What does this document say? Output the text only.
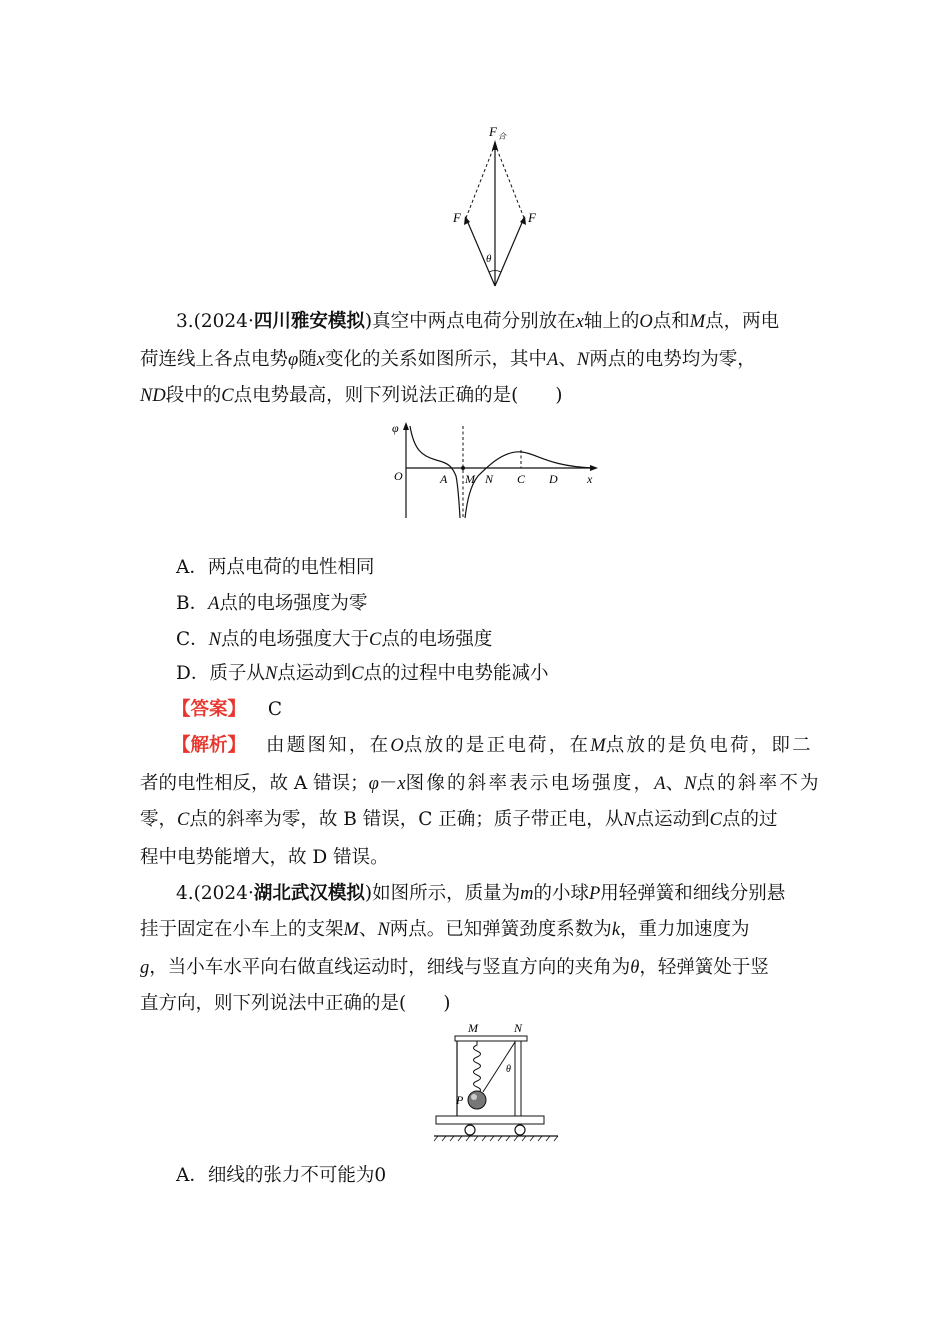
F 合
F	F
θ
3.(2024·四川雅安模拟)真空中两点电荷分别放在x轴上的O点和M点，两电
荷连线上各点电势φ随x变化的关系如图所示，其中A、N两点的电势均为零，
ND段中的C点电势最高，则下列说法正确的是(　　)
φ
O	A M N C D x
A．两点电荷的电性相同
B．A点的电场强度为零
C．N点的电场强度大于C点的电场强度
D．质子从N点运动到C点的过程中电势能减小
【答案】 C
【解析】 由题图知，在O点放的是正电荷，在M点放的是负电荷，即二
者的电性相反，故 A 错误；φ－x图像的斜率表示电场强度，A、N点的斜率不为
零，C点的斜率为零，故 B 错误，C 正确；质子带正电，从N点运动到C点的过
程中电势能增大，故 D 错误。
4.(2024·湖北武汉模拟)如图所示，质量为m的小球P用轻弹簧和细线分别悬
挂于固定在小车上的支架M、N两点。已知弹簧劲度系数为k，重力加速度为
g，当小车水平向右做直线运动时，细线与竖直方向的夹角为θ，轻弹簧处于竖
直方向，则下列说法中正确的是(　　)
M	N
P
θ
A．细线的张力不可能为0
